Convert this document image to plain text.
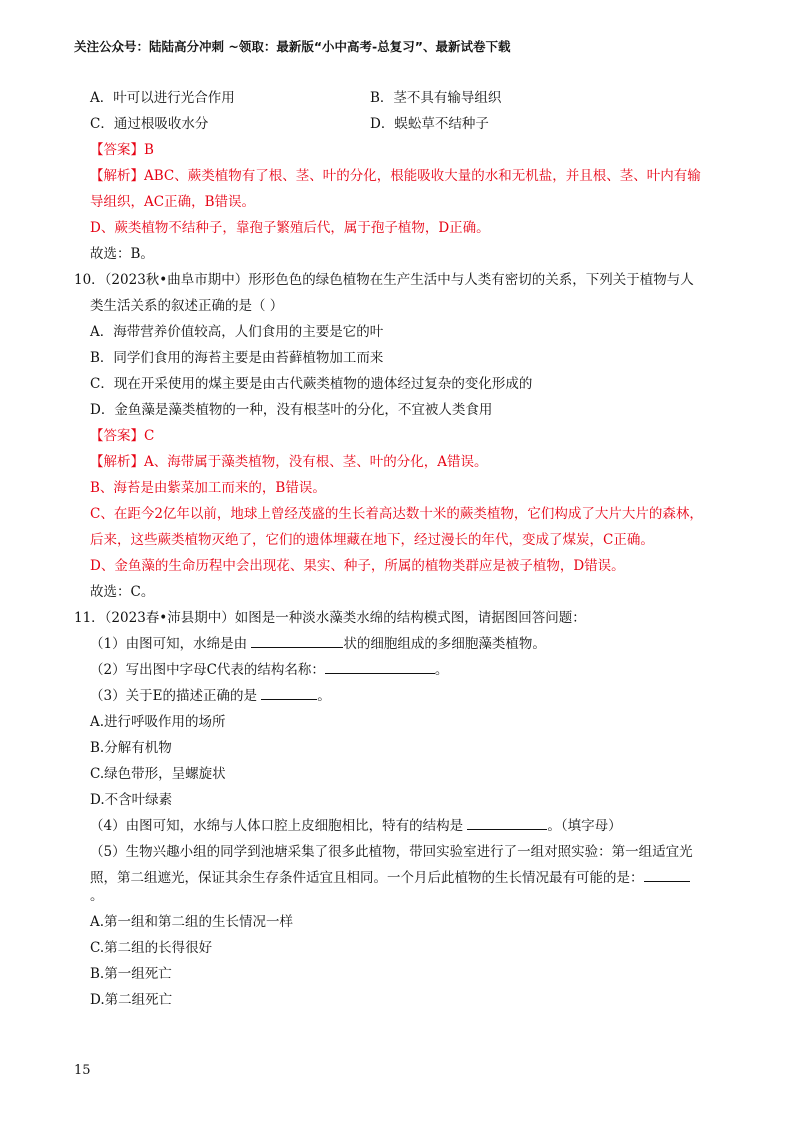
关注公众号：陆陆高分冲刺 ~领取：最新版“小中高考-总复习”、最新试卷下载
A．叶可以进行光合作用	B．茎不具有输导组织
C．通过根吸收水分	D．蜈蚣草不结种子
【答案】B
【解析】ABC、蕨类植物有了根、茎、叶的分化，根能吸收大量的水和无机盐，并且根、茎、叶内有输
导组织，AC正确，B错误。
D、蕨类植物不结种子，靠孢子繁殖后代，属于孢子植物，D正确。
故选：B。
10．（2023秋•曲阜市期中）形形色色的绿色植物在生产生活中与人类有密切的关系，下列关于植物与人
类生活关系的叙述正确的是（ ）
A．海带营养价值较高，人们食用的主要是它的叶
B．同学们食用的海苔主要是由苔藓植物加工而来
C．现在开采使用的煤主要是由古代蕨类植物的遗体经过复杂的变化形成的
D．金鱼藻是藻类植物的一种，没有根茎叶的分化，不宜被人类食用
【答案】C
【解析】A、海带属于藻类植物，没有根、茎、叶的分化，A错误。
B、海苔是由紫菜加工而来的，B错误。
C、在距今2亿年以前，地球上曾经茂盛的生长着高达数十米的蕨类植物，它们构成了大片大片的森林，
后来，这些蕨类植物灭绝了，它们的遗体埋藏在地下，经过漫长的年代，变成了煤炭，C正确。
D、金鱼藻的生命历程中会出现花、果实、种子，所属的植物类群应是被子植物，D错误。
故选：C。
11．（2023春•沛县期中）如图是一种淡水藻类水绵的结构模式图，请据图回答问题：
（1）由图可知，水绵是由	状的细胞组成的多细胞藻类植物。
（2）写出图中字母C代表的结构名称：	。
（3）关于E的描述正确的是	。
A.进行呼吸作用的场所
B.分解有机物
C.绿色带形，呈螺旋状
D.不含叶绿素
（4）由图可知，水绵与人体口腔上皮细胞相比，特有的结构是	。（填字母）
（5）生物兴趣小组的同学到池塘采集了很多此植物，带回实验室进行了一组对照实验：第一组适宜光
照，第二组遮光，保证其余生存条件适宜且相同。一个月后此植物的生长情况最有可能的是：
。
A.第一组和第二组的生长情况一样
C.第二组的长得很好
B.第一组死亡
D.第二组死亡
15
